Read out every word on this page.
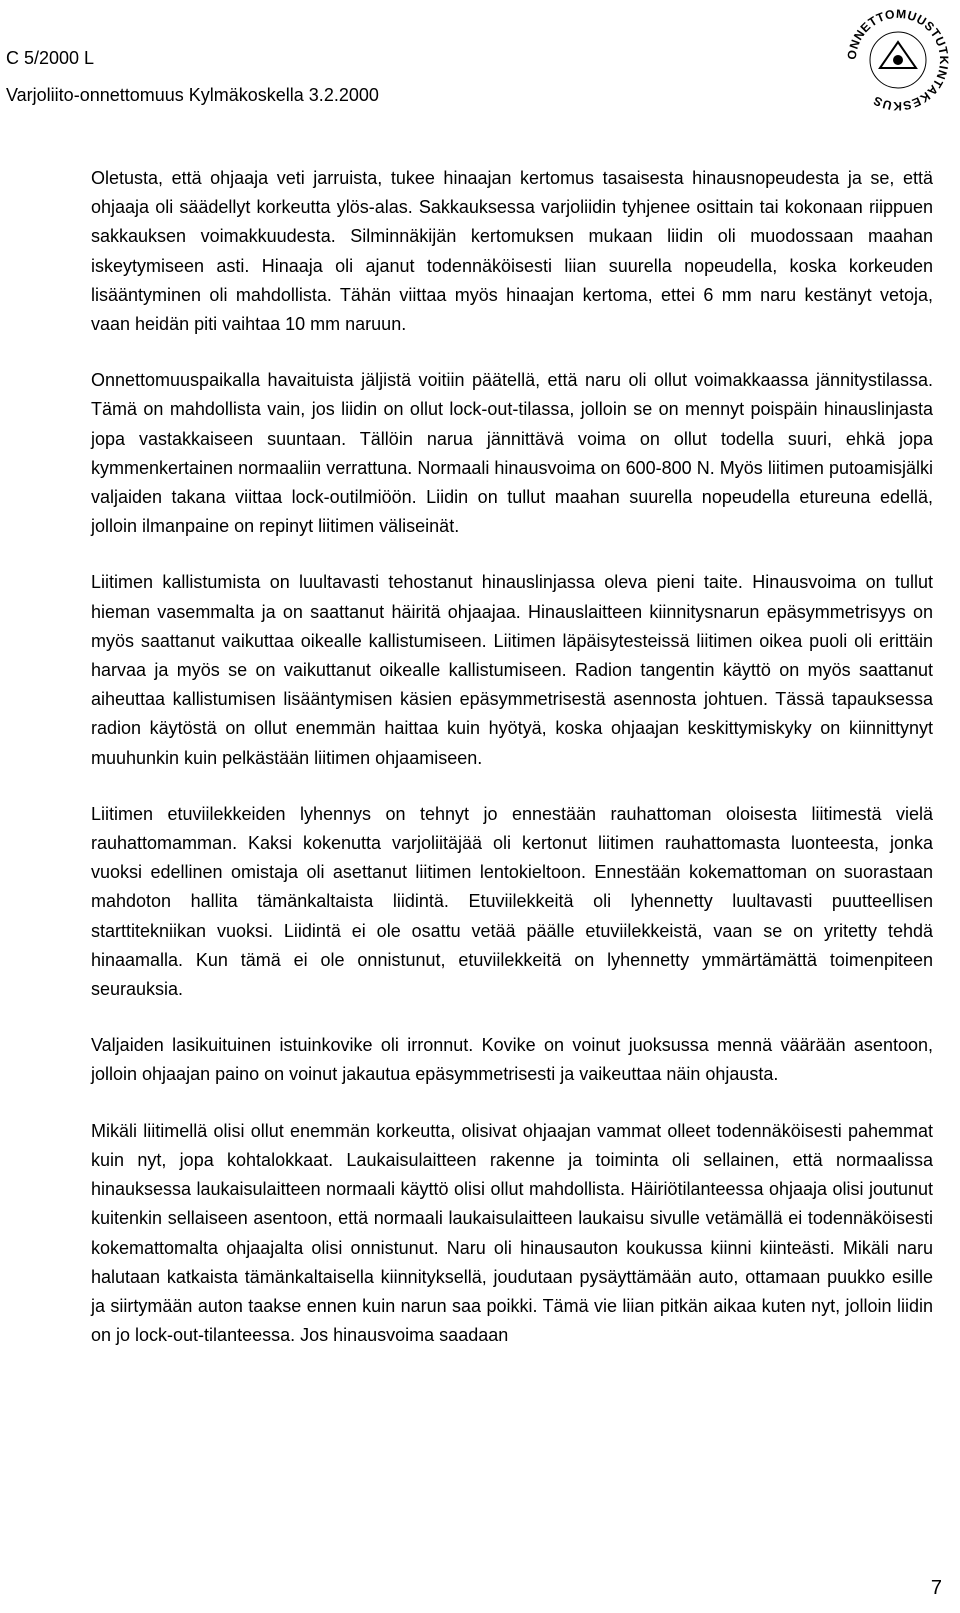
C 5/2000 L
Varjoliito-onnettomuus Kylmäkoskella 3.2.2000
ONNETTOMUUSTUTKINTAKESKUS

Oletusta, että ohjaaja veti jarruista, tukee hinaajan kertomus tasaisesta hinausnopeudesta ja se, että ohjaaja oli säädellyt korkeutta ylös-alas. Sakkauksessa varjoliidin tyhjenee osittain tai kokonaan riippuen sakkauksen voimakkuudesta. Silminnäkijän kertomuksen mukaan liidin oli muodossaan maahan iskeytymiseen asti. Hinaaja oli ajanut todennäköisesti liian suurella nopeudella, koska korkeuden lisääntyminen oli mahdollista. Tähän viittaa myös hinaajan kertoma, ettei 6 mm naru kestänyt vetoja, vaan heidän piti vaihtaa 10 mm naruun.

Onnettomuuspaikalla havaituista jäljistä voitiin päätellä, että naru oli ollut voimakkaassa jännitystilassa. Tämä on mahdollista vain, jos liidin on ollut lock-out-tilassa, jolloin se on mennyt poispäin hinauslinjasta jopa vastakkaiseen suuntaan. Tällöin narua jännittävä voima on ollut todella suuri, ehkä jopa kymmenkertainen normaaliin verrattuna. Normaali hinausvoima on 600-800 N. Myös liitimen putoamisjälki valjaiden takana viittaa lock-outilmiöön. Liidin on tullut maahan suurella nopeudella etureuna edellä, jolloin ilmanpaine on repinyt liitimen väliseinät.

Liitimen kallistumista on luultavasti tehostanut hinauslinjassa oleva pieni taite. Hinausvoima on tullut hieman vasemmalta ja on saattanut häiritä ohjaajaa. Hinauslaitteen kiinnitysnarun epäsymmetrisyys on myös saattanut vaikuttaa oikealle kallistumiseen. Liitimen läpäisytesteissä liitimen oikea puoli oli erittäin harvaa ja myös se on vaikuttanut oikealle kallistumiseen. Radion tangentin käyttö on myös saattanut aiheuttaa kallistumisen lisääntymisen käsien epäsymmetrisestä asennosta johtuen. Tässä tapauksessa radion käytöstä on ollut enemmän haittaa kuin hyötyä, koska ohjaajan keskittymiskyky on kiinnittynyt muuhunkin kuin pelkästään liitimen ohjaamiseen.

Liitimen etuviilekkeiden lyhennys on tehnyt jo ennestään rauhattoman oloisesta liitimestä vielä rauhattomamman. Kaksi kokenutta varjoliitäjää oli kertonut liitimen rauhattomasta luonteesta, jonka vuoksi edellinen omistaja oli asettanut liitimen lentokieltoon. Ennestään kokemattoman on suorastaan mahdoton hallita tämänkaltaista liidintä. Etuviilekkeitä oli lyhennetty luultavasti puutteellisen starttitekniikan vuoksi. Liidintä ei ole osattu vetää päälle etuviilekkeistä, vaan se on yritetty tehdä hinaamalla. Kun tämä ei ole onnistunut, etuviilekkeitä on lyhennetty ymmärtämättä toimenpiteen seurauksia.

Valjaiden lasikuituinen istuinkovike oli irronnut. Kovike on voinut juoksussa mennä väärään asentoon, jolloin ohjaajan paino on voinut jakautua epäsymmetrisesti ja vaikeuttaa näin ohjausta.

Mikäli liitimellä olisi ollut enemmän korkeutta, olisivat ohjaajan vammat olleet todennäköisesti pahemmat kuin nyt, jopa kohtalokkaat. Laukaisulaitteen rakenne ja toiminta oli sellainen, että normaalissa hinauksessa laukaisulaitteen normaali käyttö olisi ollut mahdollista. Häiriötilanteessa ohjaaja olisi joutunut kuitenkin sellaiseen asentoon, että normaali laukaisulaitteen laukaisu sivulle vetämällä ei todennäköisesti kokemattomalta ohjaajalta olisi onnistunut. Naru oli hinausauton koukussa kiinni kiinteästi. Mikäli naru halutaan katkaista tämänkaltaisella kiinnityksellä, joudutaan pysäyttämään auto, ottamaan puukko esille ja siirtymään auton taakse ennen kuin narun saa poikki. Tämä vie liian pitkän aikaa kuten nyt, jolloin liidin on jo lock-out-tilanteessa. Jos hinausvoima saadaan

7
